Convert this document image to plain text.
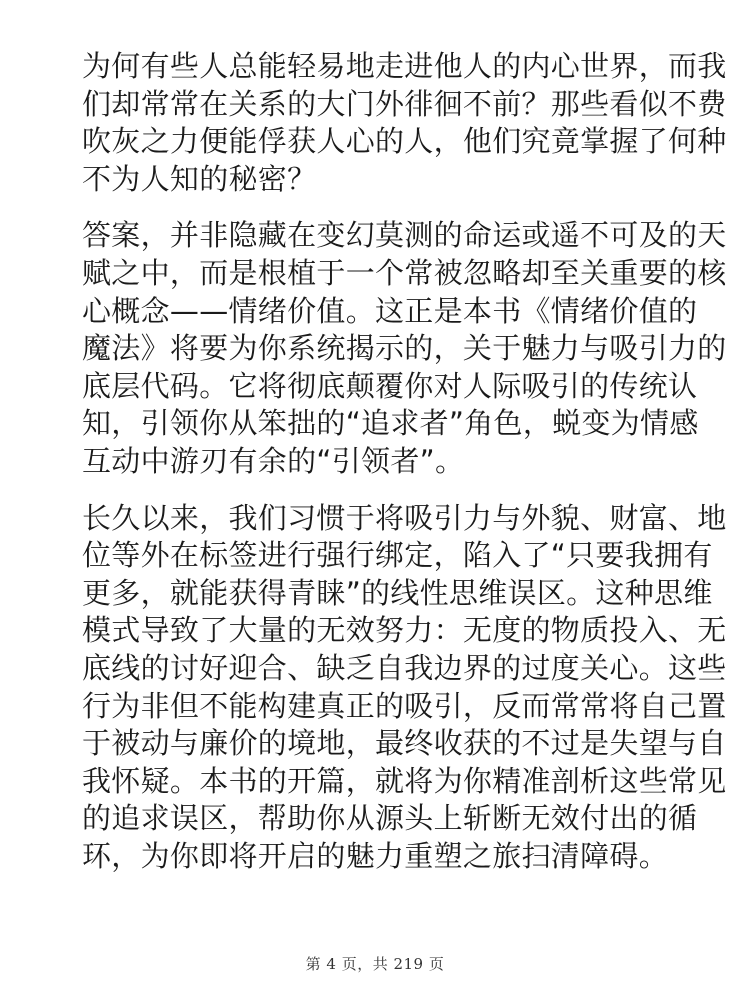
为何有些人总能轻易地走进他人的内心世界，而我
们却常常在关系的大门外徘徊不前？那些看似不费
吹灰之力便能俘获人心的人，他们究竟掌握了何种
不为人知的秘密？

答案，并非隐藏在变幻莫测的命运或遥不可及的天
赋之中，而是根植于一个常被忽略却至关重要的核
心概念——情绪价值。这正是本书《情绪价值的
魔法》将要为你系统揭示的，关于魅力与吸引力的
底层代码。它将彻底颠覆你对人际吸引的传统认
知，引领你从笨拙的“追求者”角色，蜕变为情感
互动中游刃有余的“引领者”。

长久以来，我们习惯于将吸引力与外貌、财富、地
位等外在标签进行强行绑定，陷入了“只要我拥有
更多，就能获得青睐”的线性思维误区。这种思维
模式导致了大量的无效努力：无度的物质投入、无
底线的讨好迎合、缺乏自我边界的过度关心。这些
行为非但不能构建真正的吸引，反而常常将自己置
于被动与廉价的境地，最终收获的不过是失望与自
我怀疑。本书的开篇，就将为你精准剖析这些常见
的追求误区，帮助你从源头上斩断无效付出的循
环，为你即将开启的魅力重塑之旅扫清障碍。

第 4 页，共 219 页
